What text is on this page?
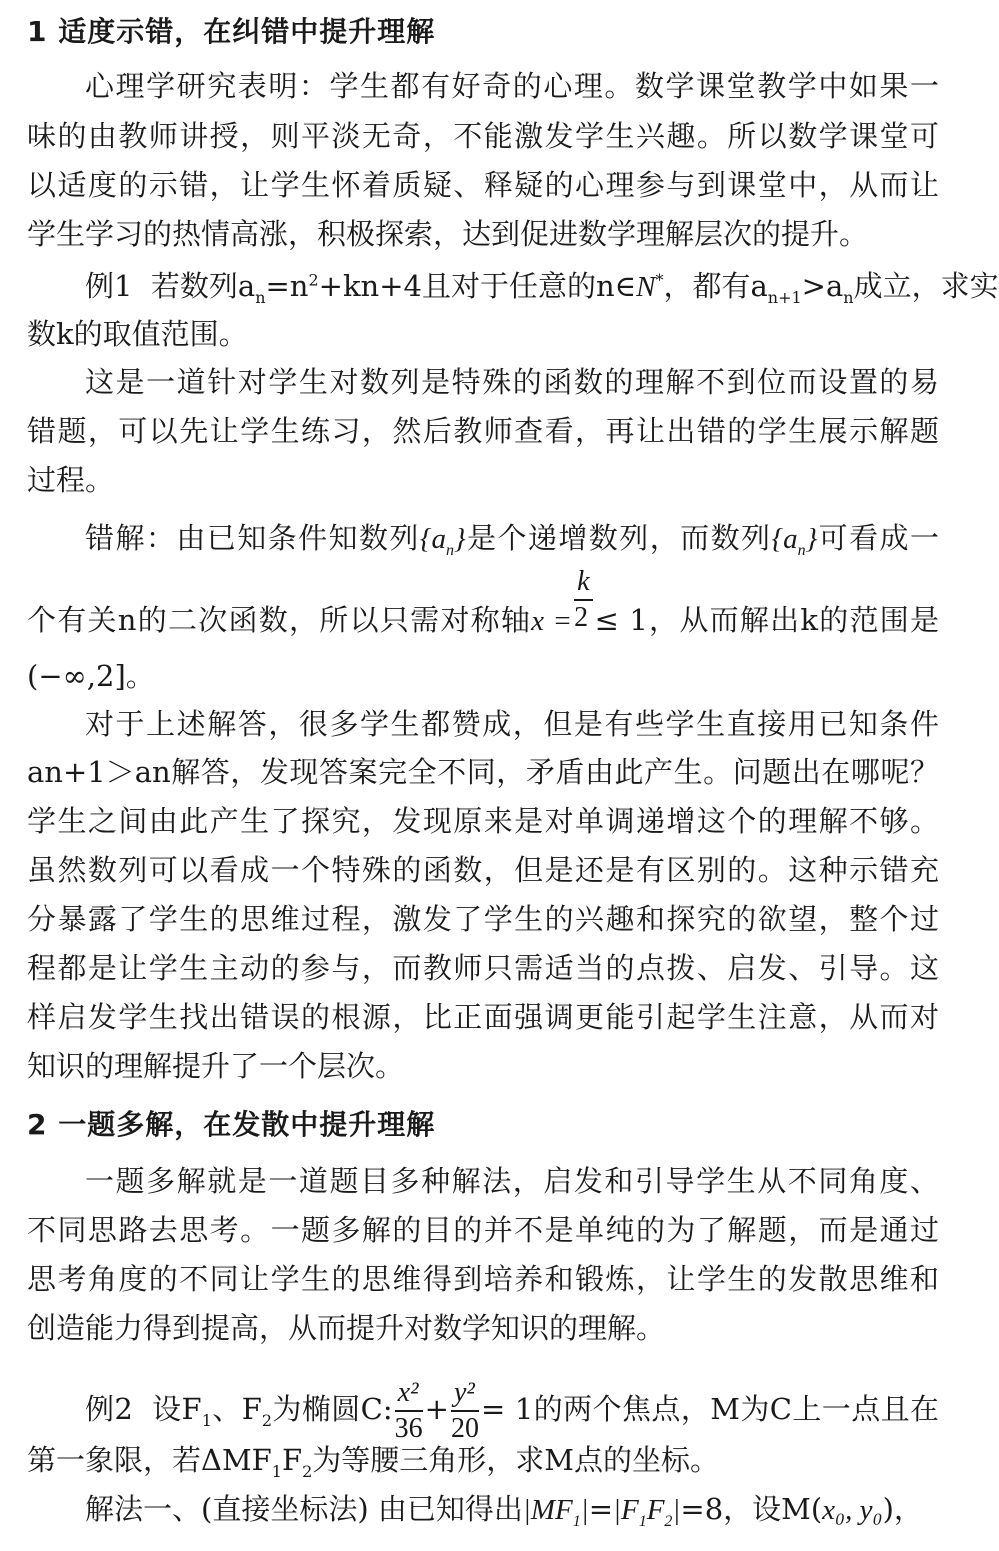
1 适度示错，在纠错中提升理解
心理学研究表明：学生都有好奇的心理。数学课堂教学中如果一
味的由教师讲授，则平淡无奇，不能激发学生兴趣。所以数学课堂可
以适度的示错，让学生怀着质疑、释疑的心理参与到课堂中，从而让
学生学习的热情高涨，积极探索，达到促进数学理解层次的提升。
例1 若数列$a_n=n^2+kn+4$且对于任意的n∈N*，都有$a_{n+1}>a_n$成立，求实
数k的取值范围。
这是一道针对学生对数列是特殊的函数的理解不到位而设置的易
错题，可以先让学生练习，然后教师查看，再让出错的学生展示解题
过程。
错解：由已知条件知数列$\{a_n\}$是个递增数列，而数列$\{a_n\}$可看成一
个有关n的二次函数，所以只需对称轴$x = \frac{k}{2} \le 1$，从而解出k的范围是
(−∞,2]。
对于上述解答，很多学生都赞成，但是有些学生直接用已知条件
an+1＞an解答，发现答案完全不同，矛盾由此产生。问题出在哪呢？
学生之间由此产生了探究，发现原来是对单调递增这个的理解不够。
虽然数列可以看成一个特殊的函数，但是还是有区别的。这种示错充
分暴露了学生的思维过程，激发了学生的兴趣和探究的欲望，整个过
程都是让学生主动的参与，而教师只需适当的点拨、启发、引导。这
样启发学生找出错误的根源，比正面强调更能引起学生注意，从而对
知识的理解提升了一个层次。
2 一题多解，在发散中提升理解
一题多解就是一道题目多种解法，启发和引导学生从不同角度、
不同思路去思考。一题多解的目的并不是单纯的为了解题，而是通过
思考角度的不同让学生的思维得到培养和锻炼，让学生的发散思维和
创造能力得到提高，从而提升对数学知识的理解。
例2 设$F_1$、$F_2$为椭圆C: $\frac{\text{x²}}{36} + \frac{\text{y²}}{20} = 1$的两个焦点，M为C上一点且在
第一象限，若$\Delta MF_1F_2$为等腰三角形，求M点的坐标。
解法一、(直接坐标法) 由已知得出$|MF_1|=|F_1F_2|=8$，设M(x₀, y₀)，
